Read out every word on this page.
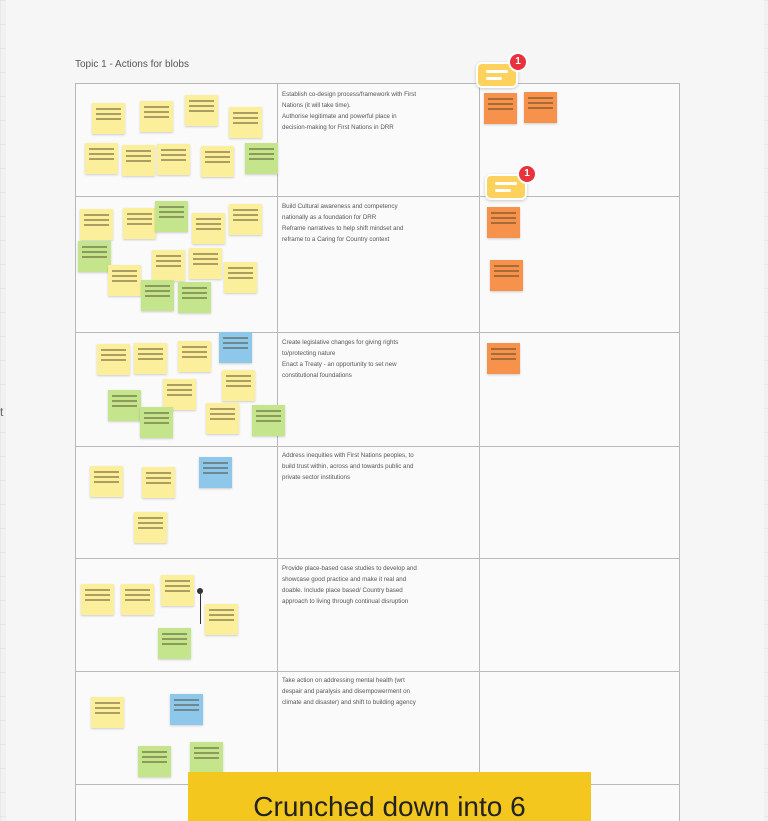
t
Topic 1 - Actions for blobs
Establish co-design process/framework with First
Nations (it will take time).
Authorise legitimate and powerful place in
decision-making for First Nations in DRR
Build Cultural awareness and competency
nationally as a foundation for DRR
Reframe narratives to help shift mindset and
reframe to a Caring for Country context
Create legislative changes for giving rights
to/protecting nature
Enact a Treaty - an opportunity to set new
constitutional foundations
Address inequities with First Nations peoples, to
build trust within, across and towards public and
private sector institutions
Provide place-based case studies to develop and
showcase good practice and make it real and
doable. Include place based/ Country based
approach to living through continual disruption
Take action on addressing mental health (wrt
despair and paralysis and disempowerment on
climate and disaster) and shift to building agency
1
1
Crunched down into 6
